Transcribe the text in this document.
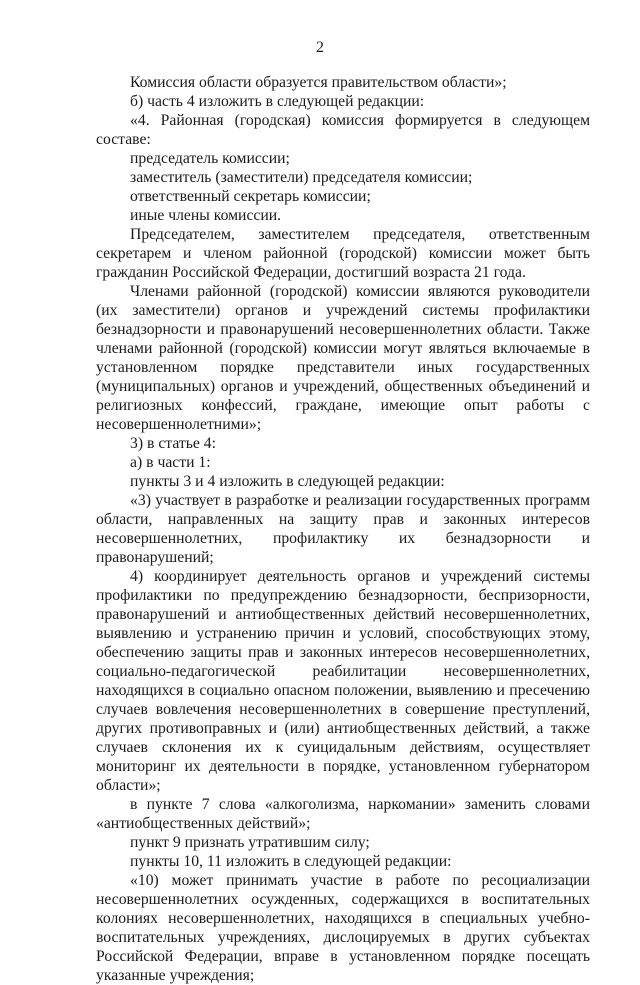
2

Комиссия области образуется правительством области»;

б) часть 4 изложить в следующей редакции:

«4. Районная (городская) комиссия формируется в следующем составе:

председатель комиссии;

заместитель (заместители) председателя комиссии;

ответственный секретарь комиссии;

иные члены комиссии.

Председателем, заместителем председателя, ответственным секретарем и членом районной (городской) комиссии может быть гражданин Российской Федерации, достигший возраста 21 года.

Членами районной (городской) комиссии являются руководители (их заместители) органов и учреждений системы профилактики безнадзорности и правонарушений несовершеннолетних области. Также членами районной (городской) комиссии могут являться включаемые в установленном порядке представители иных государственных (муниципальных) органов и учреждений, общественных объединений и религиозных конфессий, граждане, имеющие опыт работы с несовершеннолетними»;

3) в статье 4:

а) в части 1:

пункты 3 и 4 изложить в следующей редакции:

«3) участвует в разработке и реализации государственных программ области, направленных на защиту прав и законных интересов несовершеннолетних, профилактику их безнадзорности и правонарушений;

4) координирует деятельность органов и учреждений системы профилактики по предупреждению безнадзорности, беспризорности, правонарушений и антиобщественных действий несовершеннолетних, выявлению и устранению причин и условий, способствующих этому, обеспечению защиты прав и законных интересов несовершеннолетних, социально-педагогической реабилитации несовершеннолетних, находящихся в социально опасном положении, выявлению и пресечению случаев вовлечения несовершеннолетних в совершение преступлений, других противоправных и (или) антиобщественных действий, а также случаев склонения их к суицидальным действиям, осуществляет мониторинг их деятельности в порядке, установленном губернатором области»;

в пункте 7 слова «алкоголизма, наркомании» заменить словами «антиобщественных действий»;

пункт 9 признать утратившим силу;

пункты 10, 11 изложить в следующей редакции:

«10) может принимать участие в работе по ресоциализации несовершеннолетних осужденных, содержащихся в воспитательных колониях несовершеннолетних, находящихся в специальных учебно-воспитательных учреждениях, дислоцируемых в других субъектах Российской Федерации, вправе в установленном порядке посещать указанные учреждения;
